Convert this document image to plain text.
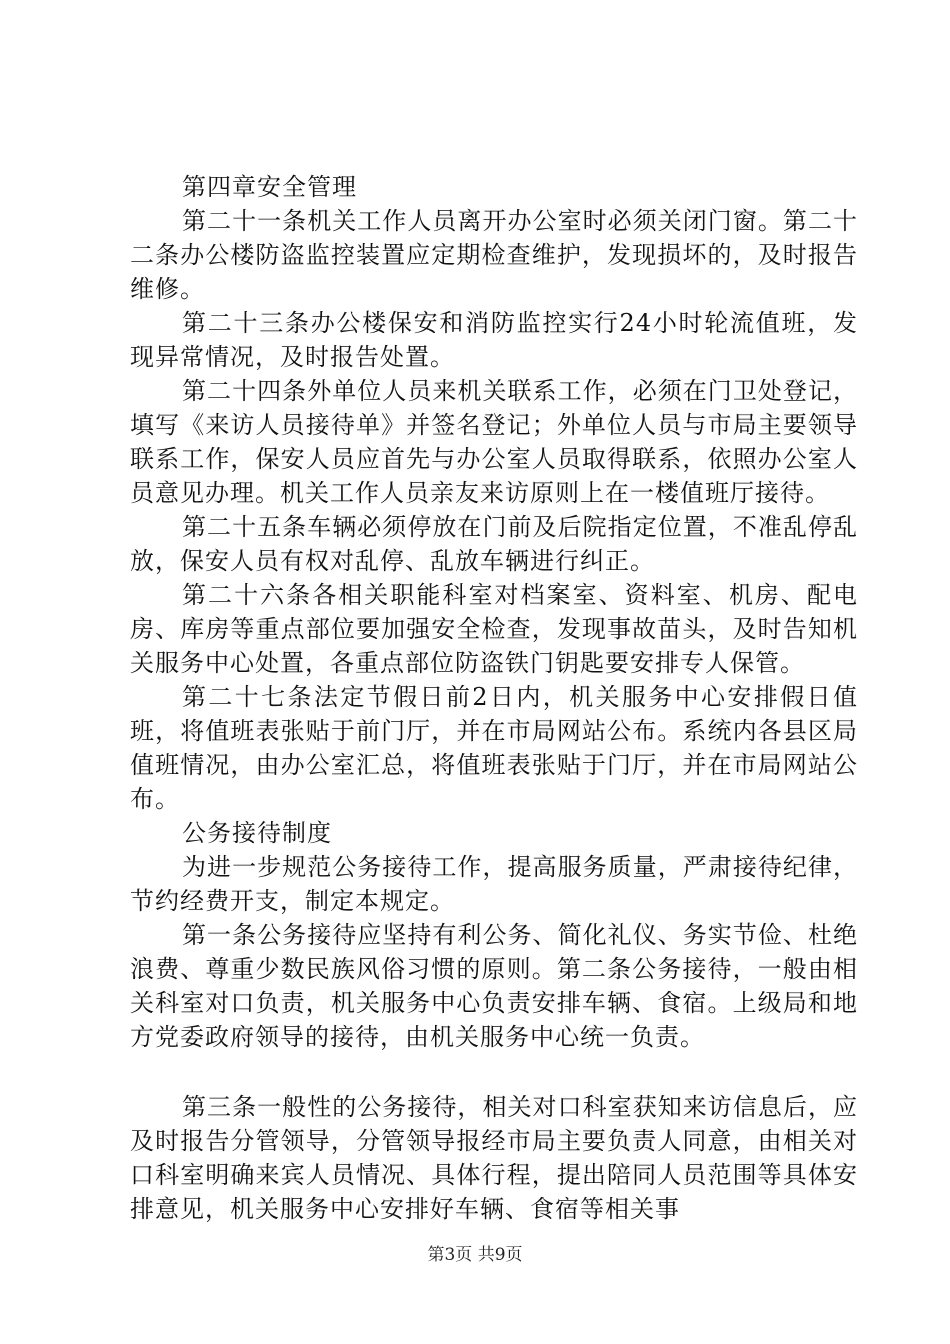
第四章安全管理

第二十一条机关工作人员离开办公室时必须关闭门窗。第二十二条办公楼防盗监控装置应定期检查维护，发现损坏的，及时报告维修。

第二十三条办公楼保安和消防监控实行24小时轮流值班，发现异常情况，及时报告处置。

第二十四条外单位人员来机关联系工作，必须在门卫处登记，填写《来访人员接待单》并签名登记；外单位人员与市局主要领导联系工作，保安人员应首先与办公室人员取得联系，依照办公室人员意见办理。机关工作人员亲友来访原则上在一楼值班厅接待。

第二十五条车辆必须停放在门前及后院指定位置，不准乱停乱放，保安人员有权对乱停、乱放车辆进行纠正。

第二十六条各相关职能科室对档案室、资料室、机房、配电房、库房等重点部位要加强安全检查，发现事故苗头，及时告知机关服务中心处置，各重点部位防盗铁门钥匙要安排专人保管。

第二十七条法定节假日前2日内，机关服务中心安排假日值班，将值班表张贴于前门厅，并在市局网站公布。系统内各县区局值班情况，由办公室汇总，将值班表张贴于门厅，并在市局网站公布。

公务接待制度

为进一步规范公务接待工作，提高服务质量，严肃接待纪律，节约经费开支，制定本规定。

第一条公务接待应坚持有利公务、简化礼仪、务实节俭、杜绝浪费、尊重少数民族风俗习惯的原则。第二条公务接待，一般由相关科室对口负责，机关服务中心负责安排车辆、食宿。上级局和地方党委政府领导的接待，由机关服务中心统一负责。

第三条一般性的公务接待，相关对口科室获知来访信息后，应及时报告分管领导，分管领导报经市局主要负责人同意，由相关对口科室明确来宾人员情况、具体行程，提出陪同人员范围等具体安排意见，机关服务中心安排好车辆、食宿等相关事

第3页 共9页
